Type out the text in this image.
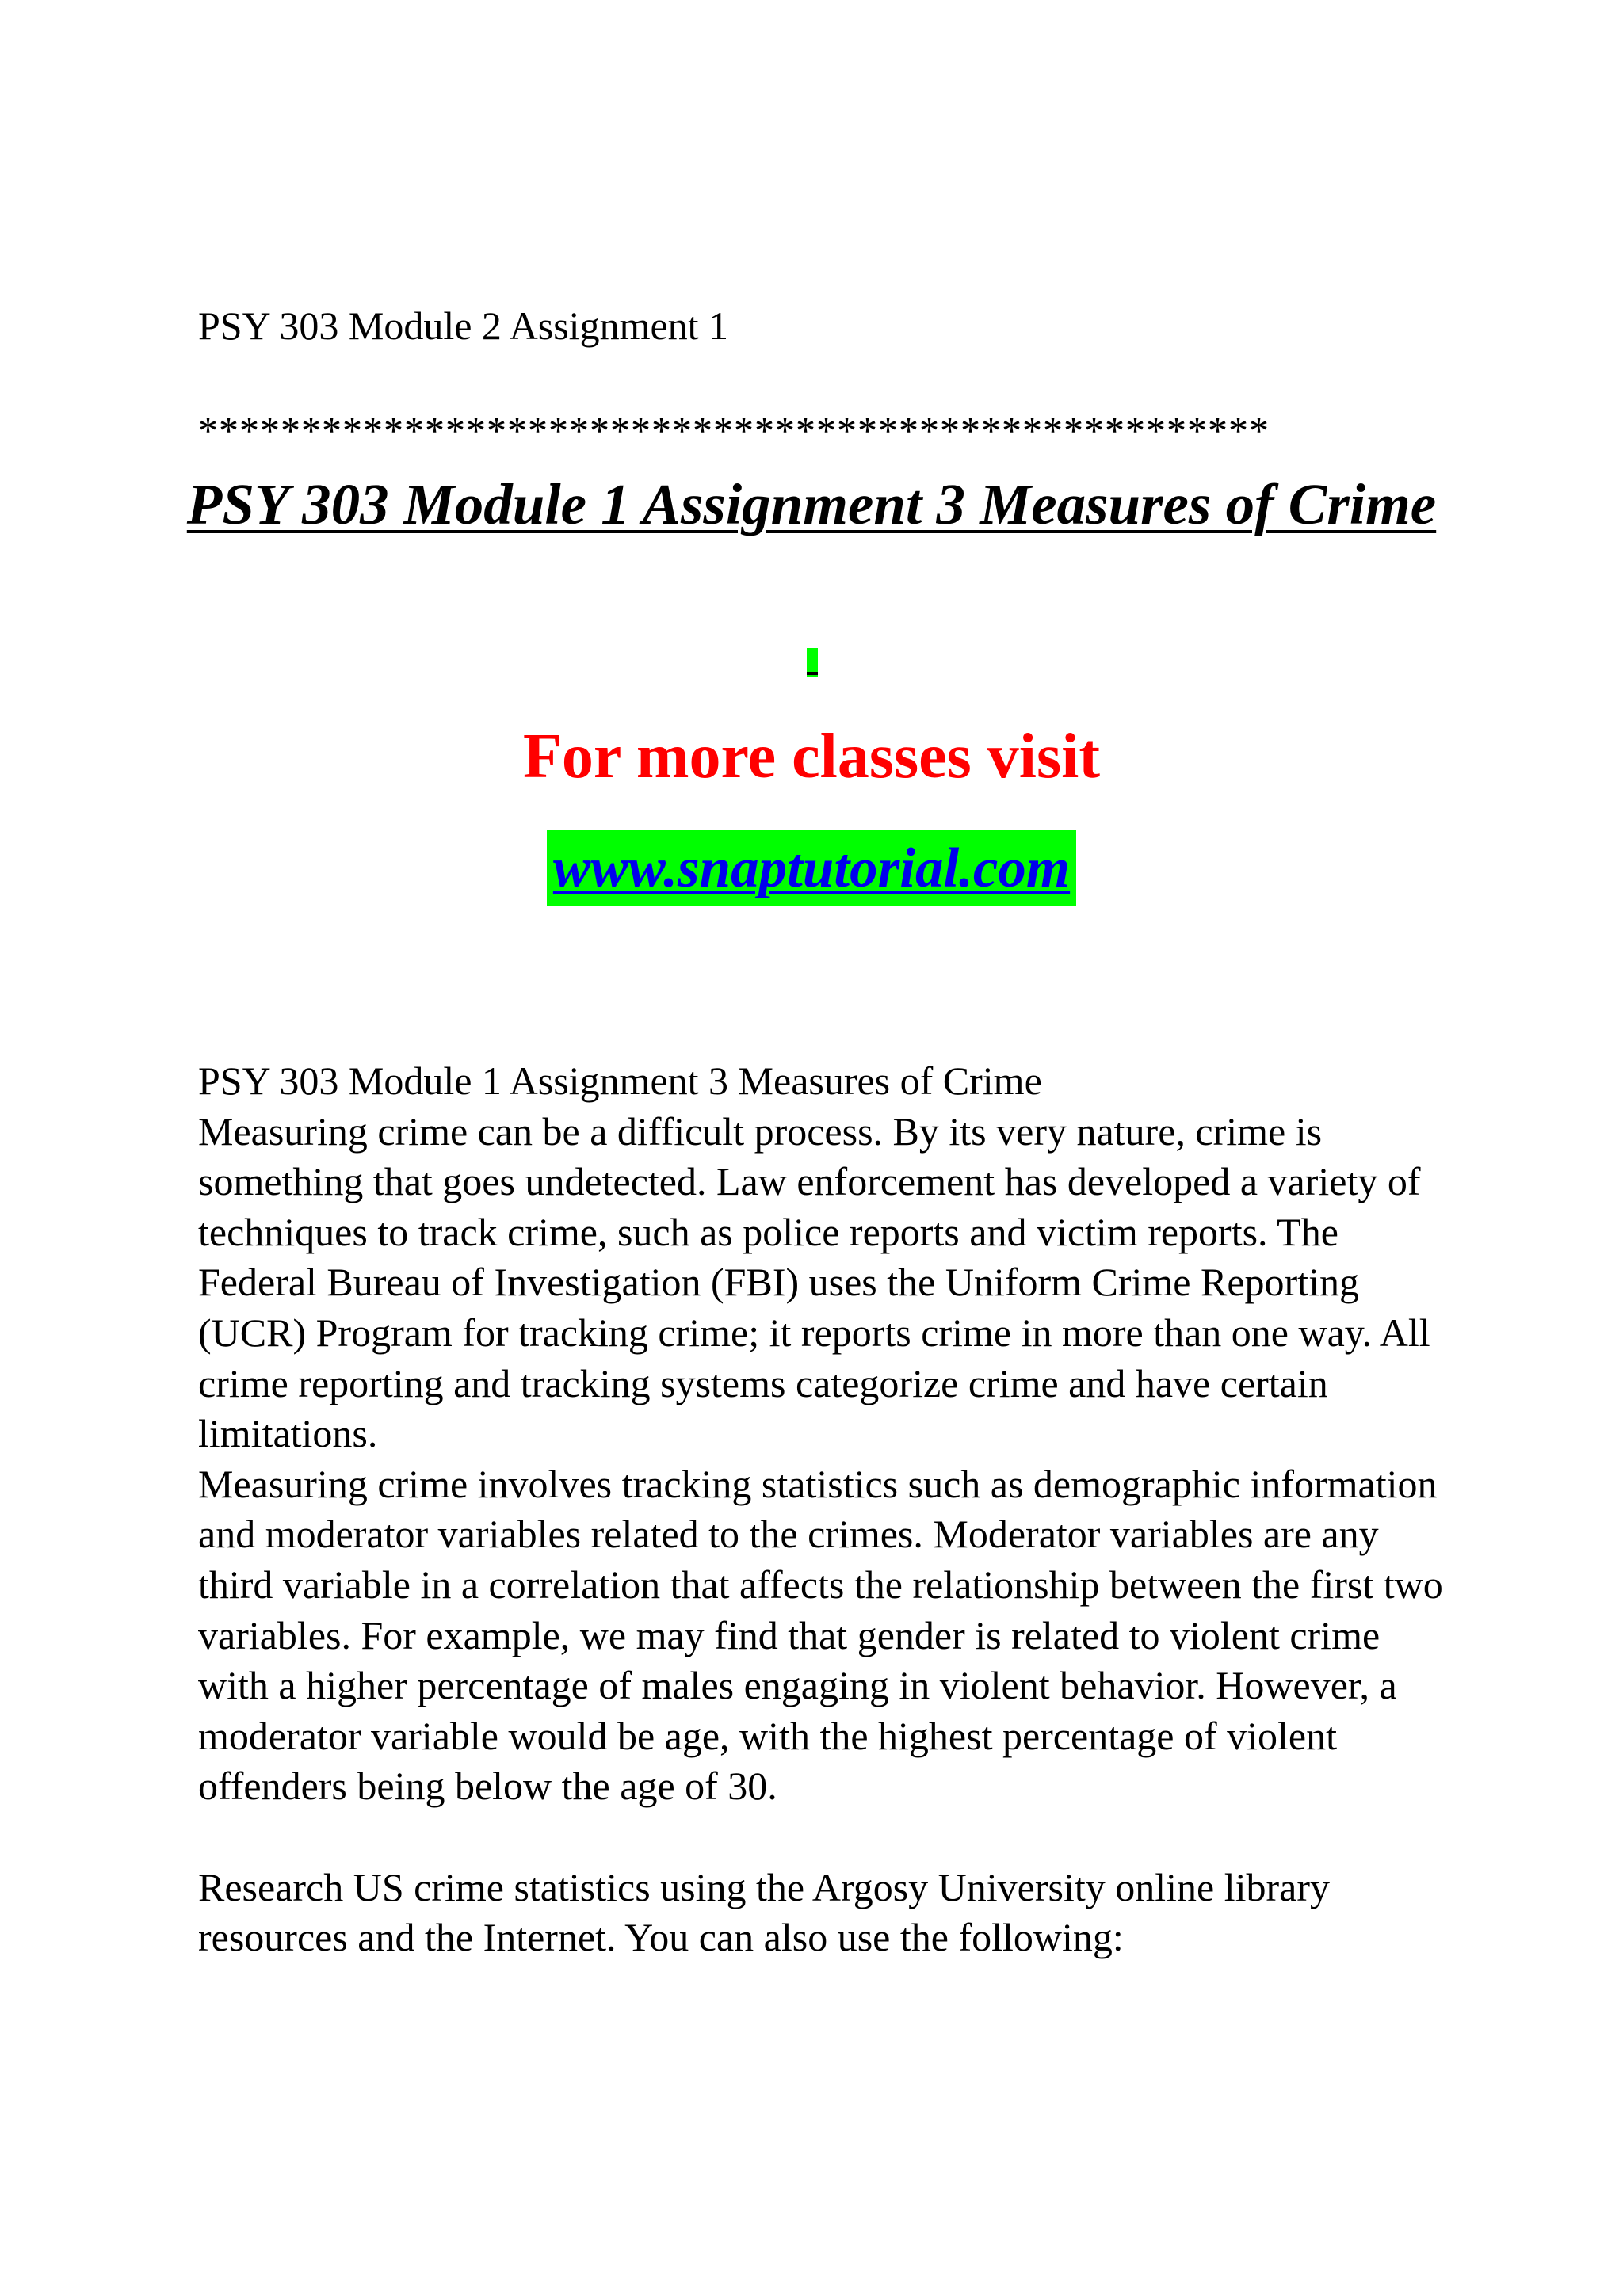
PSY 303 Module 2 Assignment 1
****************************************************
PSY 303 Module 1 Assignment 3 Measures of Crime
For more classes visit
www.snaptutorial.com

PSY 303 Module 1 Assignment 3 Measures of Crime

Measuring crime can be a difficult process. By its very nature, crime is something that goes undetected. Law enforcement has developed a variety of techniques to track crime, such as police reports and victim reports. The Federal Bureau of Investigation (FBI) uses the Uniform Crime Reporting (UCR) Program for tracking crime; it reports crime in more than one way. All crime reporting and tracking systems categorize crime and have certain limitations.

Measuring crime involves tracking statistics such as demographic information and moderator variables related to the crimes. Moderator variables are any third variable in a correlation that affects the relationship between the first two variables. For example, we may find that gender is related to violent crime with a higher percentage of males engaging in violent behavior. However, a moderator variable would be age, with the highest percentage of violent offenders being below the age of 30.

Research US crime statistics using the Argosy University online library resources and the Internet. You can also use the following:
